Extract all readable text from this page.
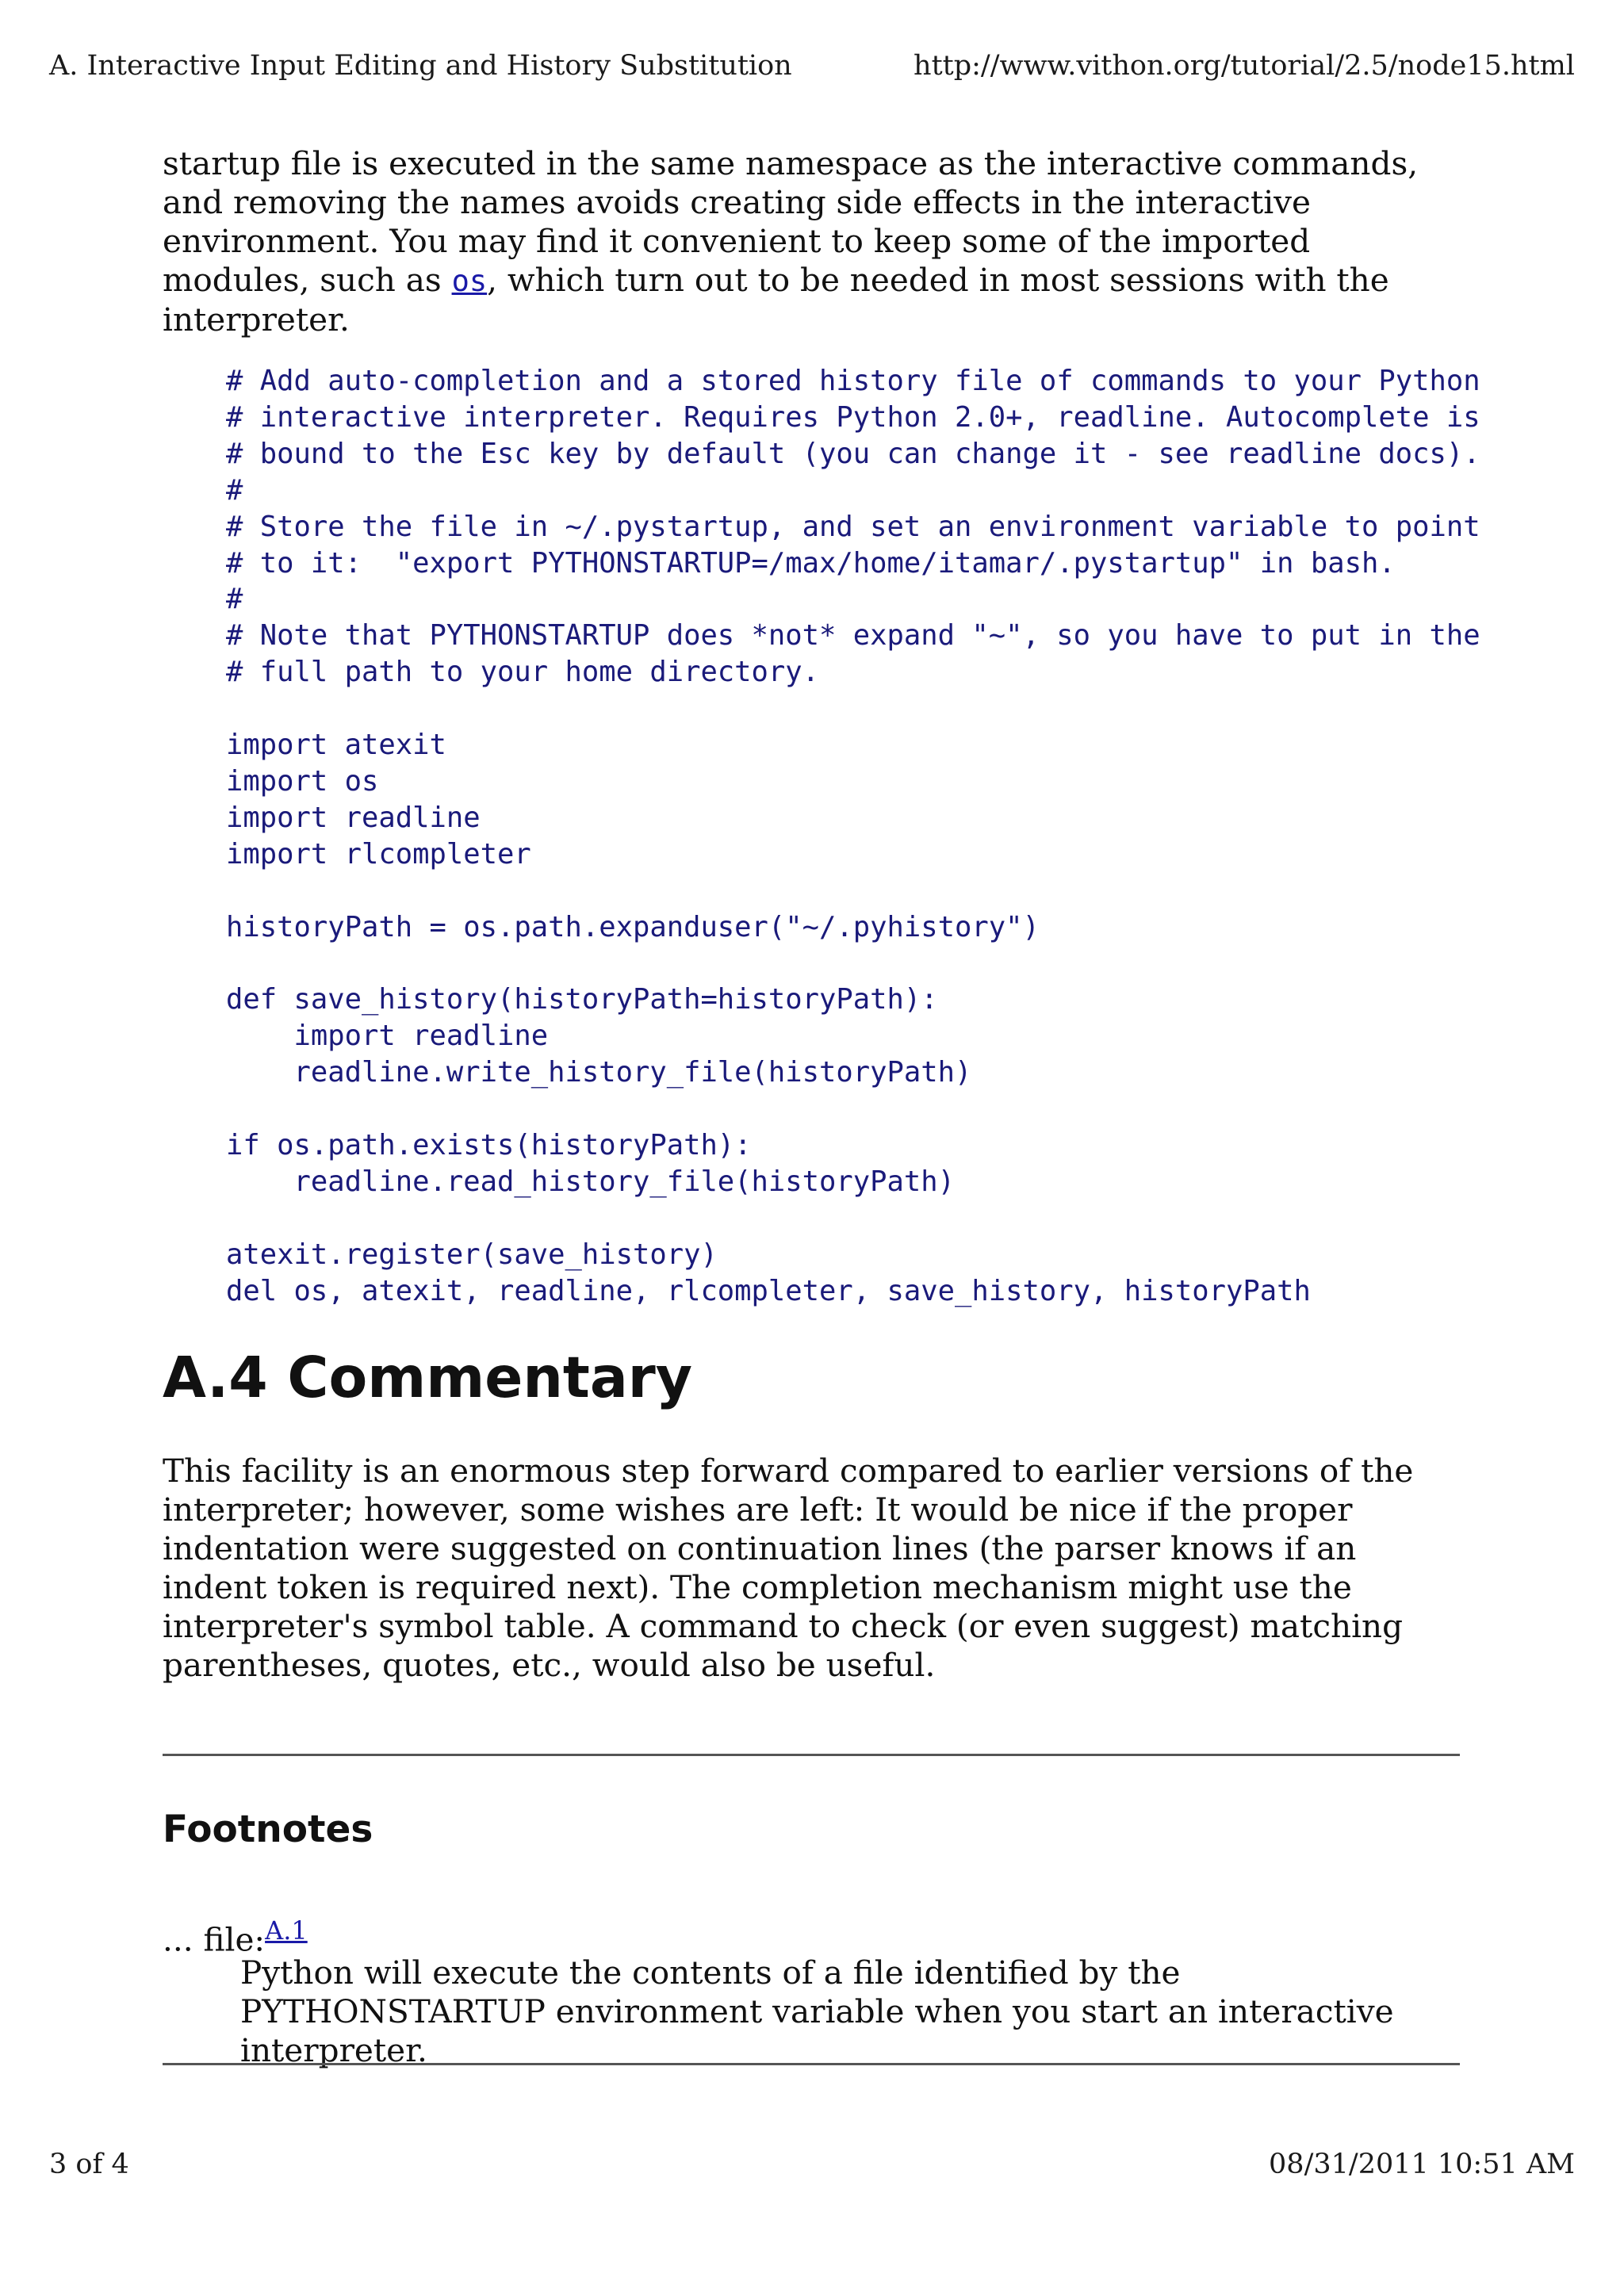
A. Interactive Input Editing and History Substitution	http://www.vithon.org/tutorial/2.5/node15.html

startup file is executed in the same namespace as the interactive commands, and removing the names avoids creating side effects in the interactive environment. You may find it convenient to keep some of the imported modules, such as os, which turn out to be needed in most sessions with the interpreter.

# Add auto-completion and a stored history file of commands to your Python
# interactive interpreter. Requires Python 2.0+, readline. Autocomplete is
# bound to the Esc key by default (you can change it - see readline docs).
#
# Store the file in ~/.pystartup, and set an environment variable to point
# to it:  "export PYTHONSTARTUP=/max/home/itamar/.pystartup" in bash.
#
# Note that PYTHONSTARTUP does *not* expand "~", so you have to put in the
# full path to your home directory.

import atexit
import os
import readline
import rlcompleter

historyPath = os.path.expanduser("~/.pyhistory")

def save_history(historyPath=historyPath):
import readline
readline.write_history_file(historyPath)

if os.path.exists(historyPath):
readline.read_history_file(historyPath)

atexit.register(save_history)
del os, atexit, readline, rlcompleter, save_history, historyPath
A.4 Commentary

This facility is an enormous step forward compared to earlier versions of the interpreter; however, some wishes are left: It would be nice if the proper indentation were suggested on continuation lines (the parser knows if an indent token is required next). The completion mechanism might use the interpreter's symbol table. A command to check (or even suggest) matching parentheses, quotes, etc., would also be useful.

Footnotes
... file:$^{A.1}$

Python will execute the contents of a file identified by the PYTHONSTARTUP environment variable when you start an interactive interpreter.

3 of 4	08/31/2011 10:51 AM
